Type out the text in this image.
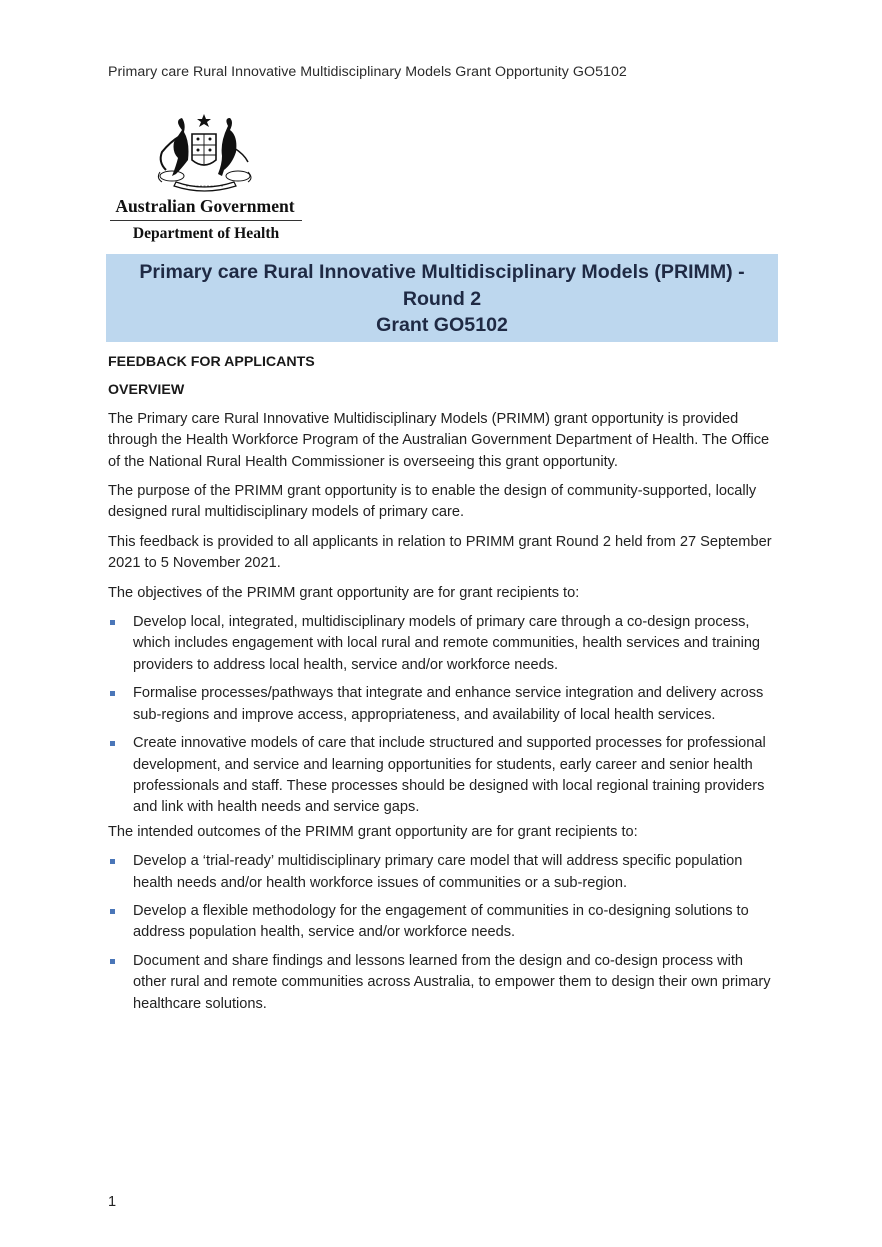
Primary care Rural Innovative Multidisciplinary Models Grant Opportunity GO5102
Australian Government
Department of Health
Primary care Rural Innovative Multidisciplinary Models (PRIMM) -
Round 2
Grant GO5102
FEEDBACK FOR APPLICANTS
OVERVIEW

The Primary care Rural Innovative Multidisciplinary Models (PRIMM) grant opportunity is provided through the Health Workforce Program of the Australian Government Department of Health. The Office of the National Rural Health Commissioner is overseeing this grant opportunity.

The purpose of the PRIMM grant opportunity is to enable the design of community-supported, locally designed rural multidisciplinary models of primary care.

This feedback is provided to all applicants in relation to PRIMM grant Round 2 held from 27 September 2021 to 5 November 2021.

The objectives of the PRIMM grant opportunity are for grant recipients to:

Develop local, integrated, multidisciplinary models of primary care through a co-design process, which includes engagement with local rural and remote communities, health services and training providers to address local health, service and/or workforce needs.
Formalise processes/pathways that integrate and enhance service integration and delivery across sub-regions and improve access, appropriateness, and availability of local health services.
Create innovative models of care that include structured and supported processes for professional development, and service and learning opportunities for students, early career and senior health professionals and staff. These processes should be designed with local regional training providers and link with health needs and service gaps.

The intended outcomes of the PRIMM grant opportunity are for grant recipients to:

Develop a ‘trial-ready’ multidisciplinary primary care model that will address specific population health needs and/or health workforce issues of communities or a sub-region.
Develop a flexible methodology for the engagement of communities in co-designing solutions to address population health, service and/or workforce needs.
Document and share findings and lessons learned from the design and co-design process with other rural and remote communities across Australia, to empower them to design their own primary healthcare solutions.
1
